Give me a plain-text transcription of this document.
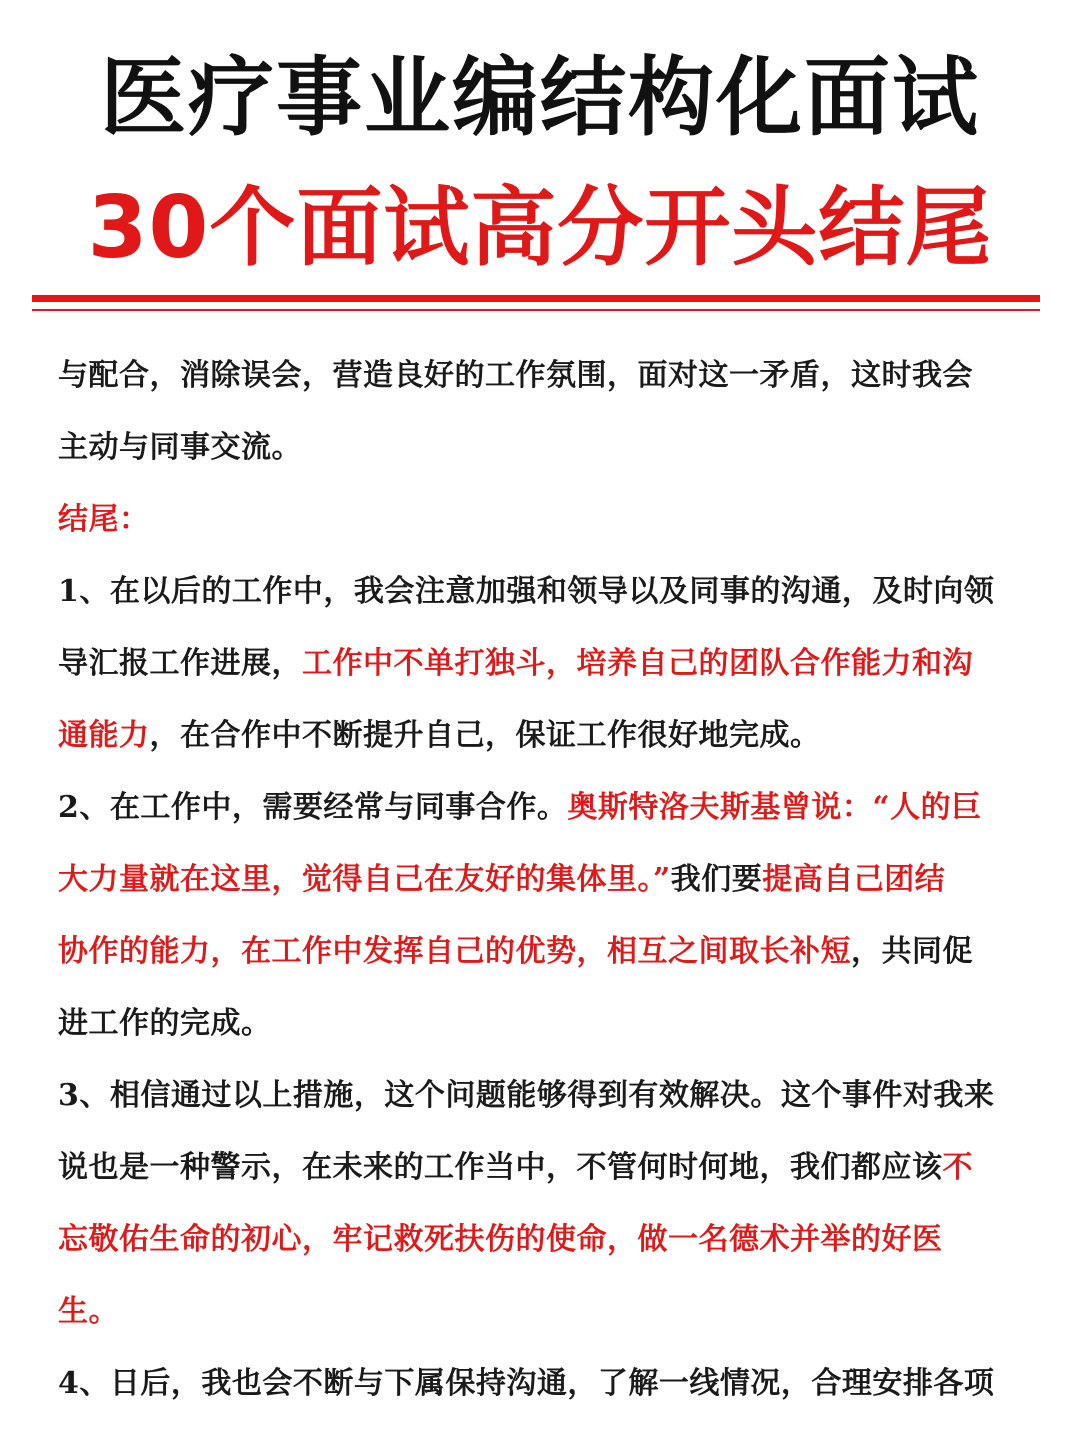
医疗事业编结构化面试
30个面试高分开头结尾
与配合，消除误会，营造良好的工作氛围，面对这一矛盾，这时我会
主动与同事交流。
结尾：
1、在以后的工作中，我会注意加强和领导以及同事的沟通，及时向领
导汇报工作进展，工作中不单打独斗，培养自己的团队合作能力和沟
通能力，在合作中不断提升自己，保证工作很好地完成。
2、在工作中，需要经常与同事合作。奥斯特洛夫斯基曾说：“人的巨
大力量就在这里，觉得自己在友好的集体里。”我们要提高自己团结
协作的能力，在工作中发挥自己的优势，相互之间取长补短，共同促
进工作的完成。
3、相信通过以上措施，这个问题能够得到有效解决。这个事件对我来
说也是一种警示，在未来的工作当中，不管何时何地，我们都应该不
忘敬佑生命的初心，牢记救死扶伤的使命，做一名德术并举的好医
生。
4、日后，我也会不断与下属保持沟通，了解一线情况，合理安排各项
